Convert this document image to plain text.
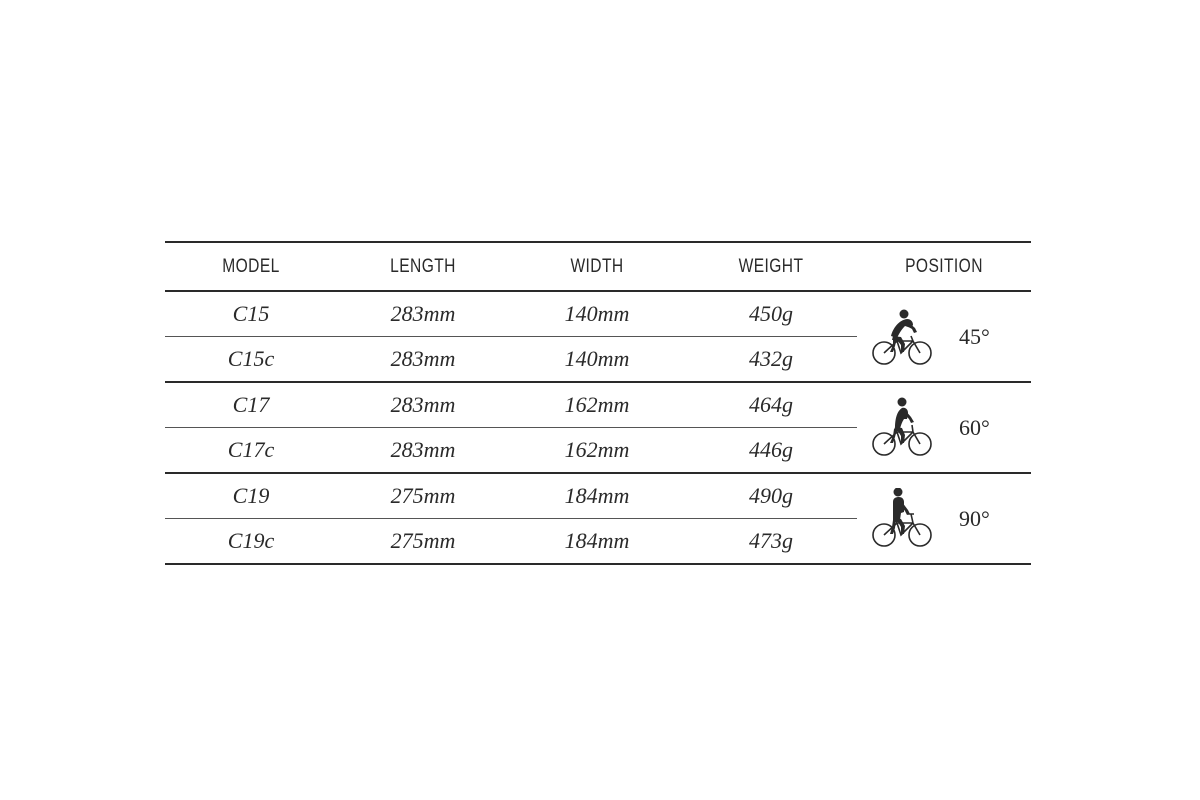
MODEL	LENGTH	WIDTH	WEIGHT	POSITION
C15	283mm	140mm	450g	45°

C15c	283mm	140mm	432g	
C17	283mm	162mm	464g	60°

C17c	283mm	162mm	446g	
C19	275mm	184mm	490g	90°

C19c	275mm	184mm	473g	
